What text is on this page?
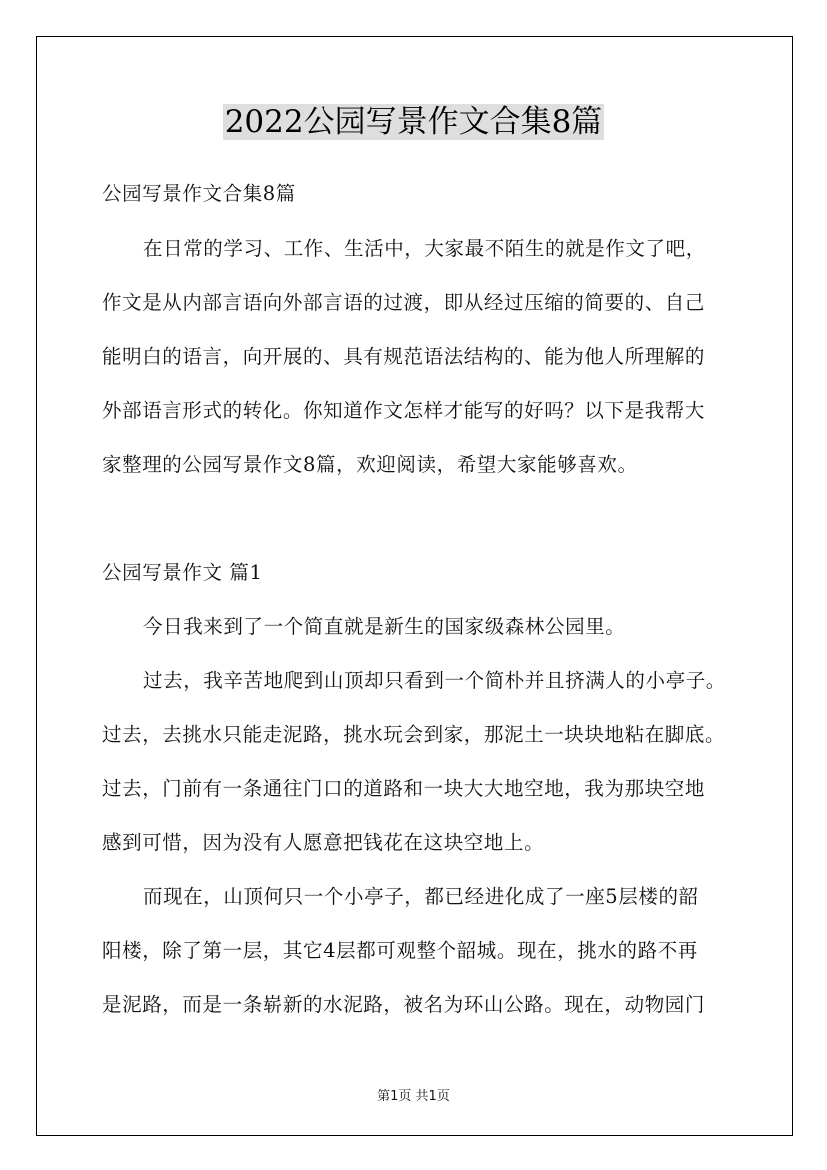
2022公园写景作文合集8篇
公园写景作文合集8篇
在日常的学习、工作、生活中，大家最不陌生的就是作文了吧，
作文是从内部言语向外部言语的过渡，即从经过压缩的简要的、自己
能明白的语言，向开展的、具有规范语法结构的、能为他人所理解的
外部语言形式的转化。你知道作文怎样才能写的好吗？以下是我帮大
家整理的公园写景作文8篇，欢迎阅读，希望大家能够喜欢。
公园写景作文 篇1
今日我来到了一个简直就是新生的国家级森林公园里。
过去，我辛苦地爬到山顶却只看到一个简朴并且挤满人的小亭子。
过去，去挑水只能走泥路，挑水玩会到家，那泥土一块块地粘在脚底。
过去，门前有一条通往门口的道路和一块大大地空地，我为那块空地
感到可惜，因为没有人愿意把钱花在这块空地上。
而现在，山顶何只一个小亭子，都已经进化成了一座5层楼的韶
阳楼，除了第一层，其它4层都可观整个韶城。现在，挑水的路不再
是泥路，而是一条崭新的水泥路，被名为环山公路。现在，动物园门
第1页 共1页
